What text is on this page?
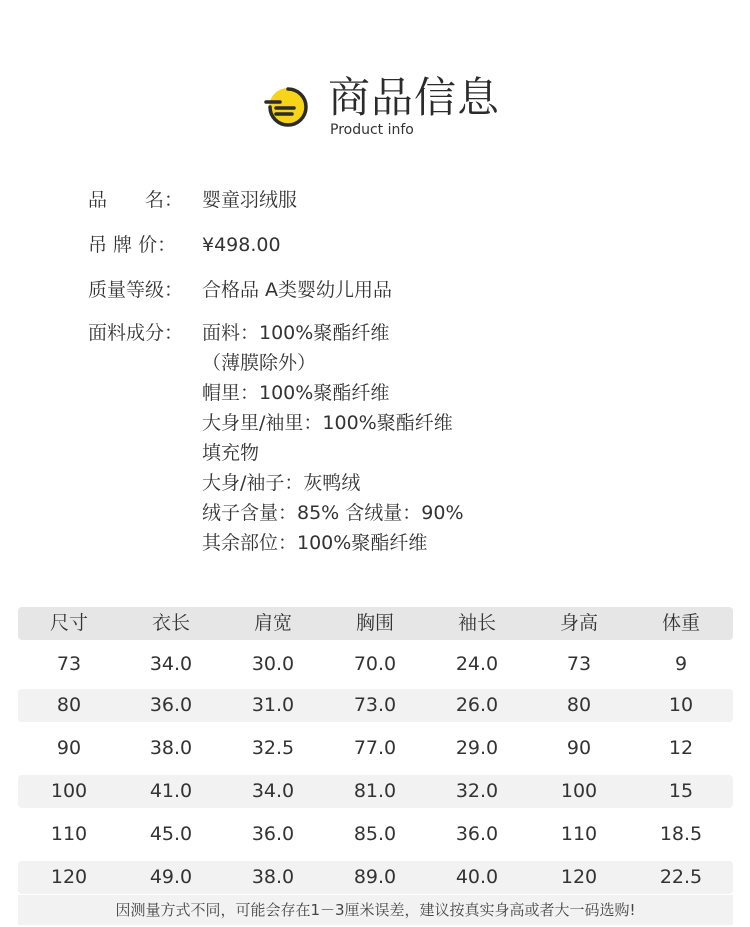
商品信息
Product info
品　　名： 婴童羽绒服
吊 牌 价： ¥498.00
质量等级： 合格品 A类婴幼儿用品
面料成分： 面料：100%聚酯纤维
（薄膜除外）
帽里：100%聚酯纤维
大身里/袖里：100%聚酯纤维
填充物
大身/袖子：灰鸭绒
绒子含量：85% 含绒量：90%
其余部位：100%聚酯纤维
尺寸	衣长	肩宽	胸围	袖长	身高	体重
73	34.0	30.0	70.0	24.0	73	9
80	36.0	31.0	73.0	26.0	80	10
90	38.0	32.5	77.0	29.0	90	12
100	41.0	34.0	81.0	32.0	100	15
110	45.0	36.0	85.0	36.0	110	18.5
120	49.0	38.0	89.0	40.0	120	22.5
因测量方式不同，可能会存在1－3厘米误差，建议按真实身高或者大一码选购!
